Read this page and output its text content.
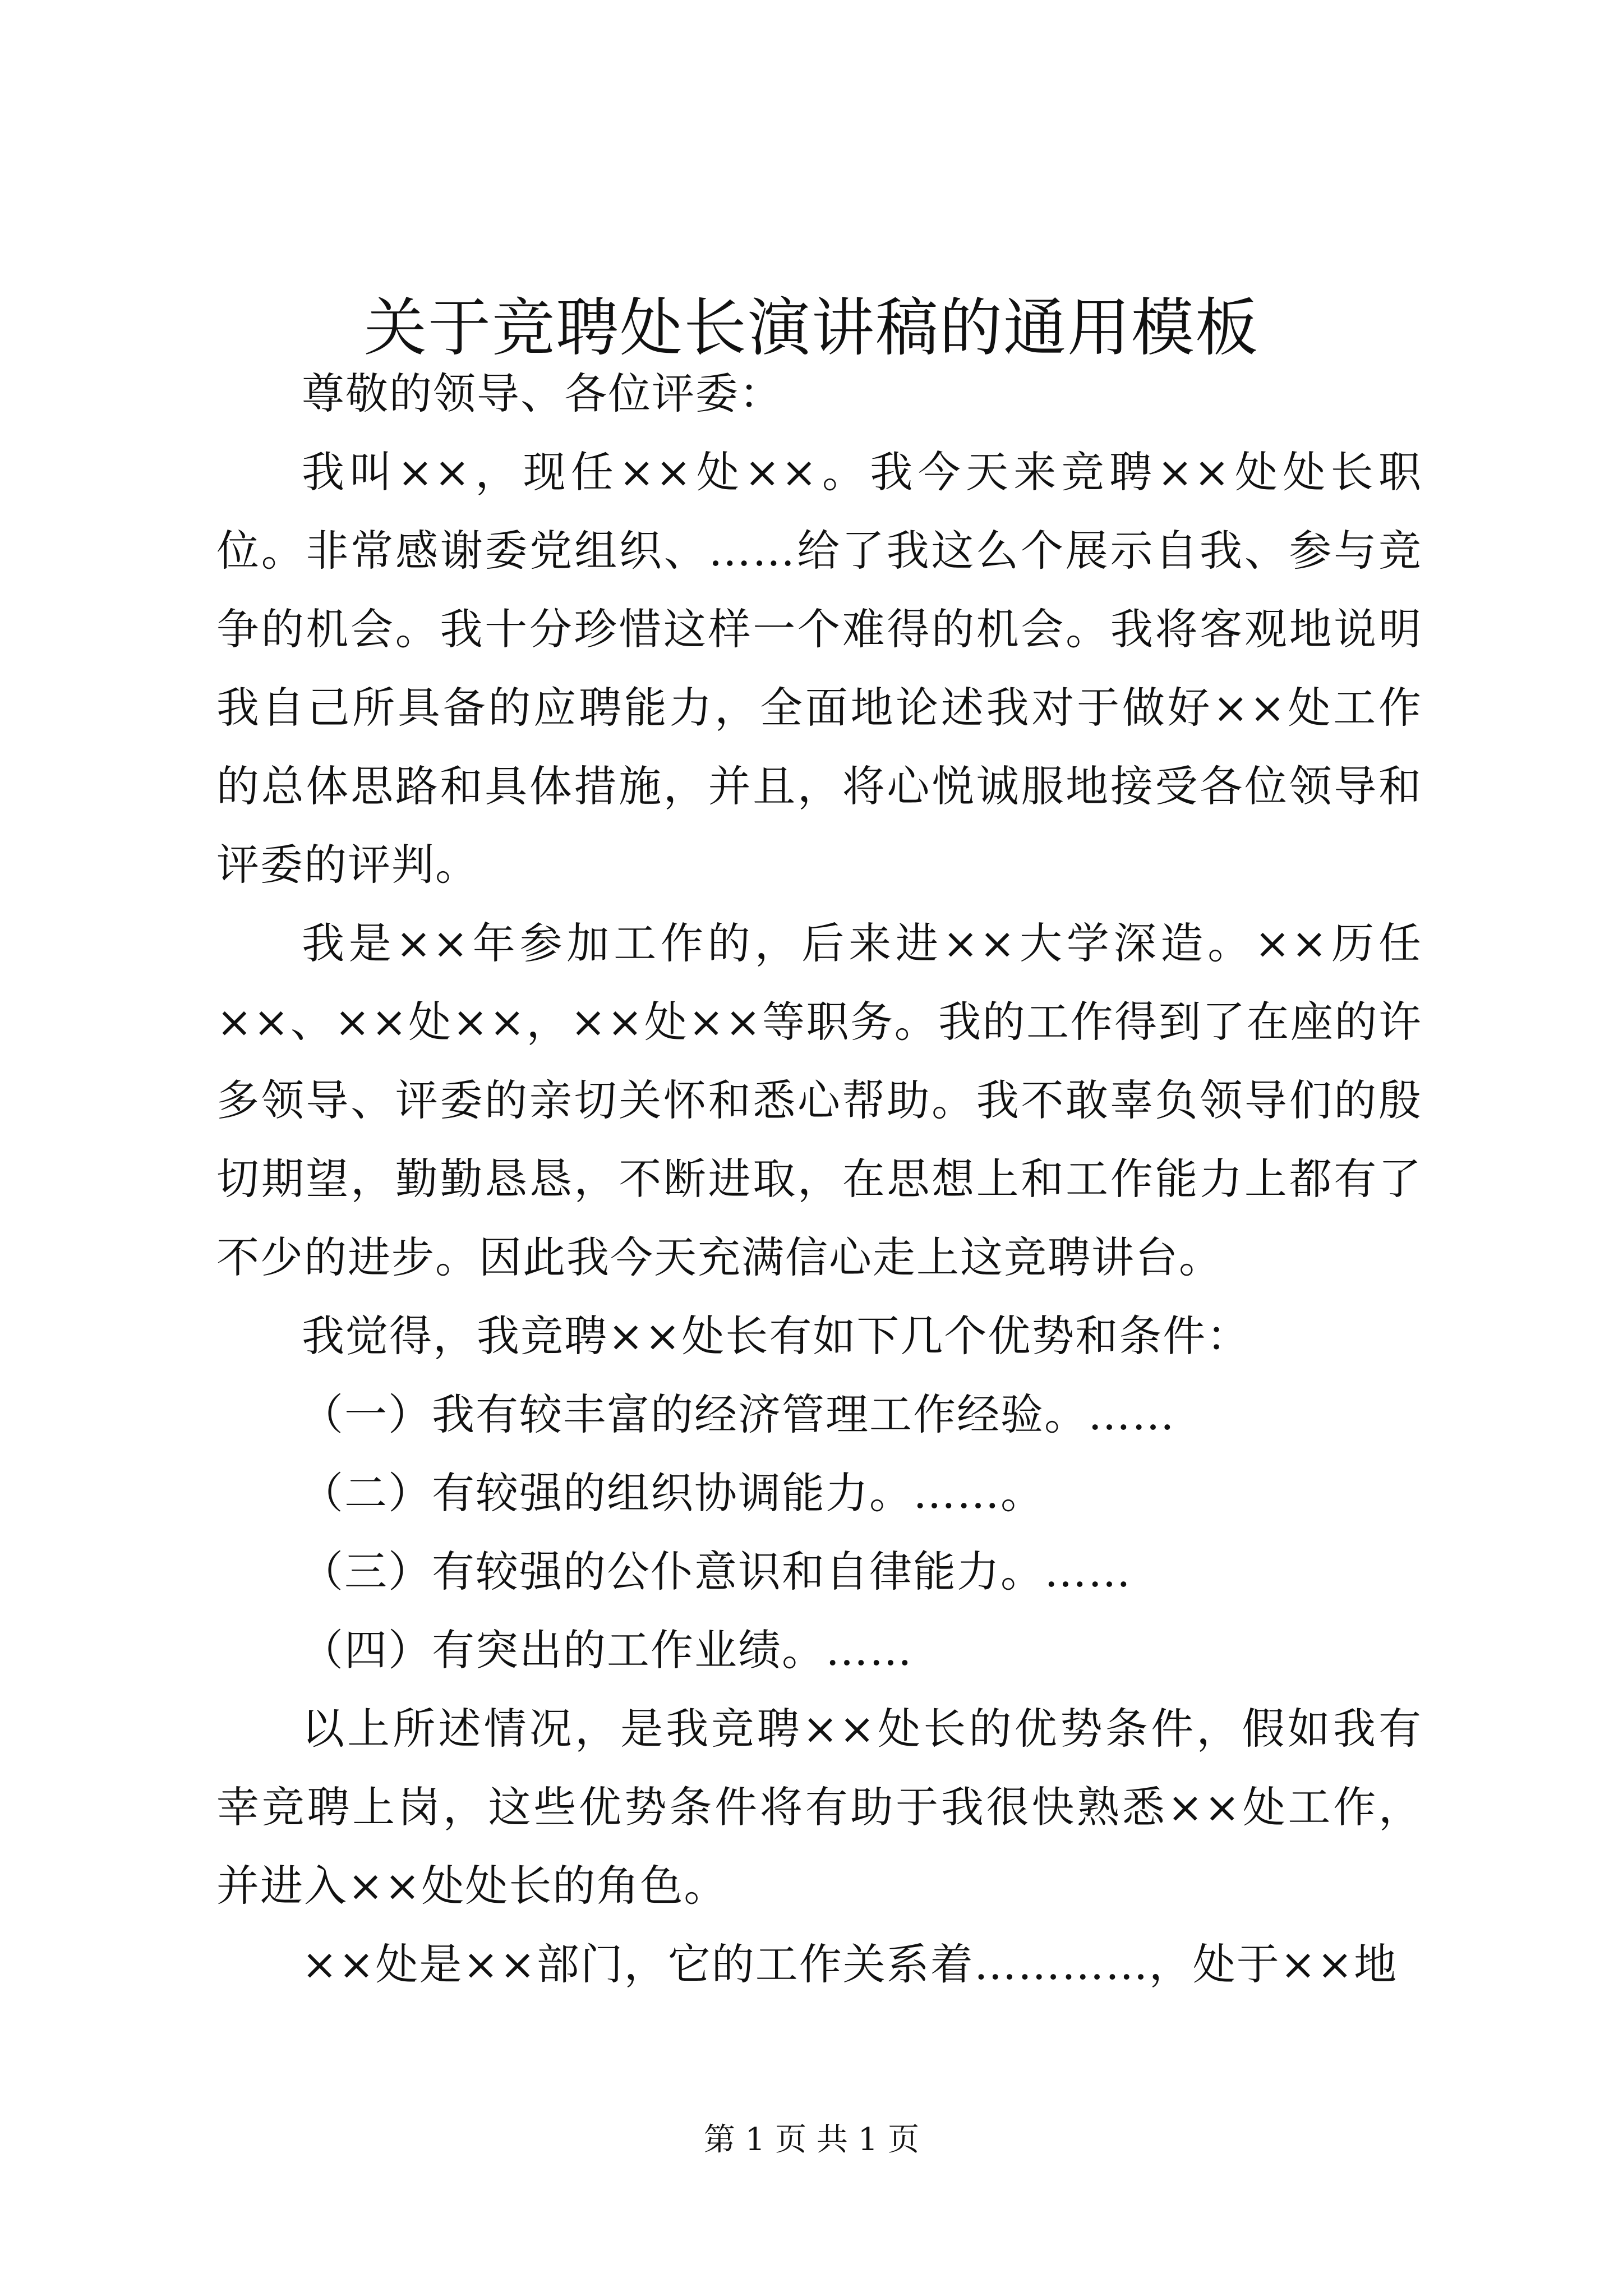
关于竞聘处长演讲稿的通用模板

尊敬的领导、各位评委：

我叫××，现任××处××。我今天来竞聘××处处长职位。非常感谢委党组织、……给了我这么个展示自我、参与竞争的机会。我十分珍惜这样一个难得的机会。我将客观地说明我自己所具备的应聘能力，全面地论述我对于做好××处工作的总体思路和具体措施，并且，将心悦诚服地接受各位领导和评委的评判。

我是××年参加工作的，后来进××大学深造。××历任××、××处××，××处××等职务。我的工作得到了在座的许多领导、评委的亲切关怀和悉心帮助。我不敢辜负领导们的殷切期望，勤勤恳恳，不断进取，在思想上和工作能力上都有了不少的进步。因此我今天充满信心走上这竞聘讲台。

我觉得，我竞聘××处长有如下几个优势和条件：

（一）我有较丰富的经济管理工作经验。……

（二）有较强的组织协调能力。……。

（三）有较强的公仆意识和自律能力。……

（四）有突出的工作业绩。……

以上所述情况，是我竞聘××处长的优势条件，假如我有幸竞聘上岗，这些优势条件将有助于我很快熟悉××处工作，并进入××处处长的角色。

××处是××部门，它的工作关系着…………，处于××地

第 1 页 共 1 页
